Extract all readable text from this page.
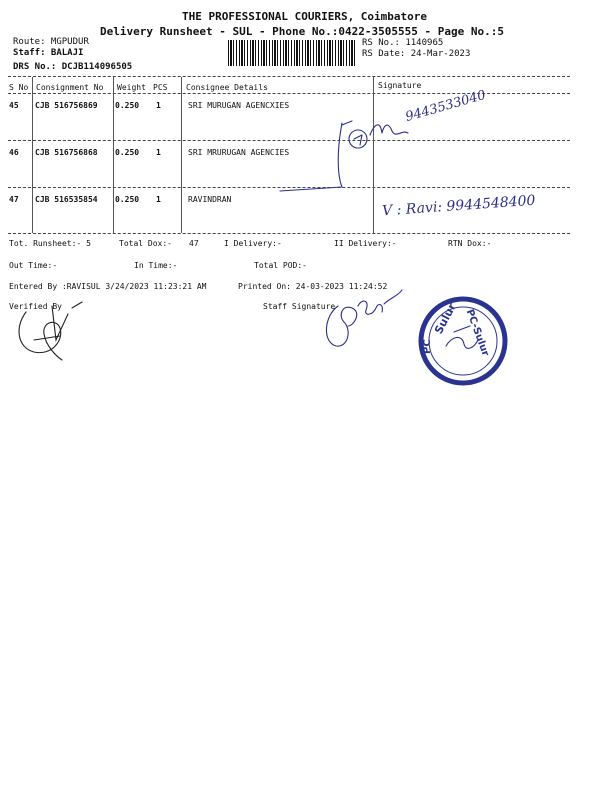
THE PROFESSIONAL COURIERS, Coimbatore
Delivery Runsheet - SUL - Phone No.:0422-3505555 - Page No.:5
Route: MGPUDUR
Staff: BALAJI
DRS No.: DCJB114096505
RS No.: 1140965
RS Date: 24-Mar-2023
S No Consignment No Weight PCS Consignee Details	Signature
45 CJB 516756869 0.250 1	SRI MURUGAN AGENCXIES
46 CJB 516756868 0.250 1	SRI MRURUGAN AGENCIES
47 CJB 516535854 0.250 1	RAVINDRAN
9443533040
V : Ravi: 9944548400
Tot. Runsheet:- 5	Total Dox:- 47	I Delivery:-	II Delivery:-	RTN Dox:-
Out Time:-	In Time:-	Total POD:-
Entered By :RAVISUL 3/24/2023 11:23:21 AM	Printed On: 24-03-2023 11:24:52
Verified By	Staff Signature	Sulur PC-Sulur
PC
